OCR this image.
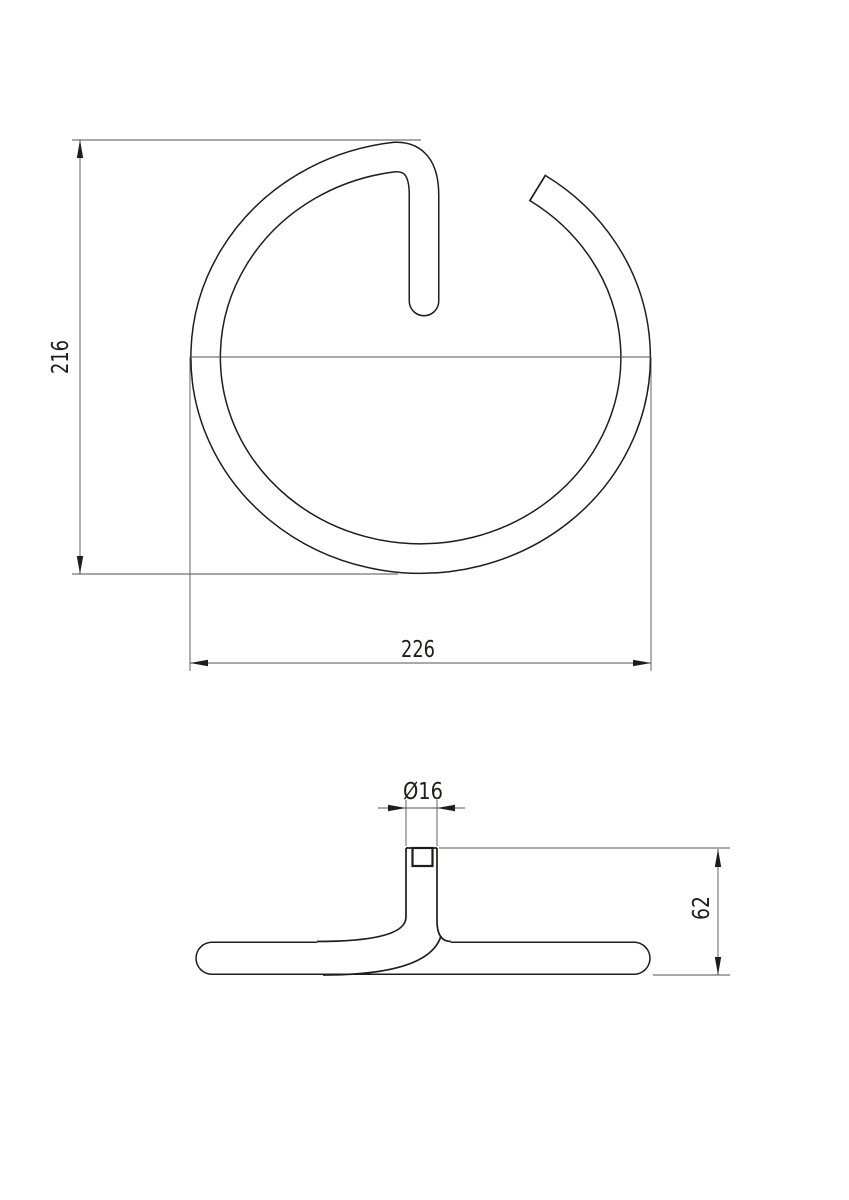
216
226
Ø16
62
